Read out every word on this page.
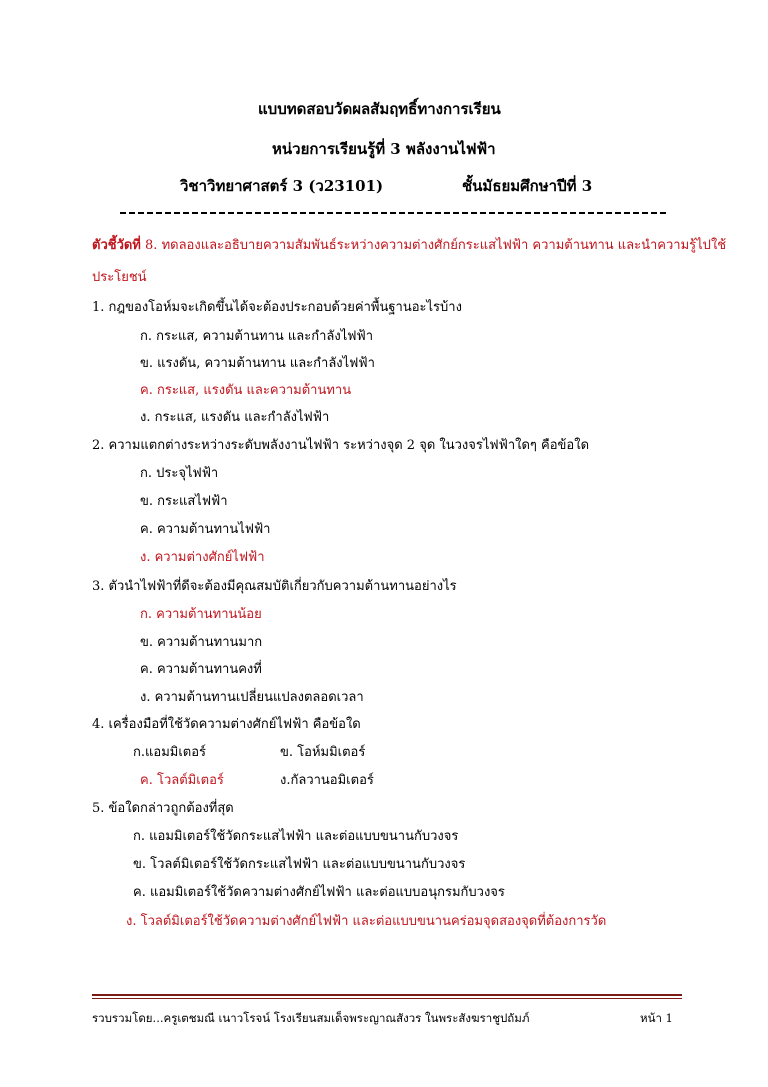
แบบทดสอบวัดผลสัมฤทธิ์ทางการเรียน
หน่วยการเรียนรู้ที่ 3 พลังงานไฟฟ้า
วิชาวิทยาศาสตร์ 3 (ว23101)	ชั้นมัธยมศึกษาปีที่ 3
ตัวชี้วัดที่ 8. ทดลองและอธิบายความสัมพันธ์ระหว่างความต่างศักย์กระแสไฟฟ้า ความต้านทาน และนำความรู้ไปใช้
ประโยชน์
1. กฎของโอห์มจะเกิดขึ้นได้จะต้องประกอบด้วยค่าพื้นฐานอะไรบ้าง
ก. กระแส, ความต้านทาน และกำลังไฟฟ้า
ข. แรงดัน, ความต้านทาน และกำลังไฟฟ้า
ค. กระแส, แรงดัน และความต้านทาน
ง. กระแส, แรงดัน และกำลังไฟฟ้า
2. ความแตกต่างระหว่างระดับพลังงานไฟฟ้า ระหว่างจุด 2 จุด ในวงจรไฟฟ้าใดๆ คือข้อใด
ก. ประจุไฟฟ้า
ข. กระแสไฟฟ้า
ค. ความต้านทานไฟฟ้า
ง. ความต่างศักย์ไฟฟ้า
3. ตัวนำไฟฟ้าที่ดีจะต้องมีคุณสมบัติเกี่ยวกับความต้านทานอย่างไร
ก. ความต้านทานน้อย
ข. ความต้านทานมาก
ค. ความต้านทานคงที่
ง. ความต้านทานเปลี่ยนแปลงตลอดเวลา
4. เครื่องมือที่ใช้วัดความต่างศักย์ไฟฟ้า คือข้อใด
ก.แอมมิเตอร์	ข. โอห์มมิเตอร์
ค. โวลต์มิเตอร์	ง.กัลวานอมิเตอร์
5. ข้อใดกล่าวถูกต้องที่สุด
ก. แอมมิเตอร์ใช้วัดกระแสไฟฟ้า และต่อแบบขนานกับวงจร
ข. โวลต์มิเตอร์ใช้วัดกระแสไฟฟ้า และต่อแบบขนานกับวงจร
ค. แอมมิเตอร์ใช้วัดความต่างศักย์ไฟฟ้า และต่อแบบอนุกรมกับวงจร
ง. โวลต์มิเตอร์ใช้วัดความต่างศักย์ไฟฟ้า และต่อแบบขนานคร่อมจุดสองจุดที่ต้องการวัด
รวบรวมโดย...ครูเตชมณี เนาวโรจน์ โรงเรียนสมเด็จพระญาณสังวร ในพระสังฆราชูปถัมภ์	หน้า 1
